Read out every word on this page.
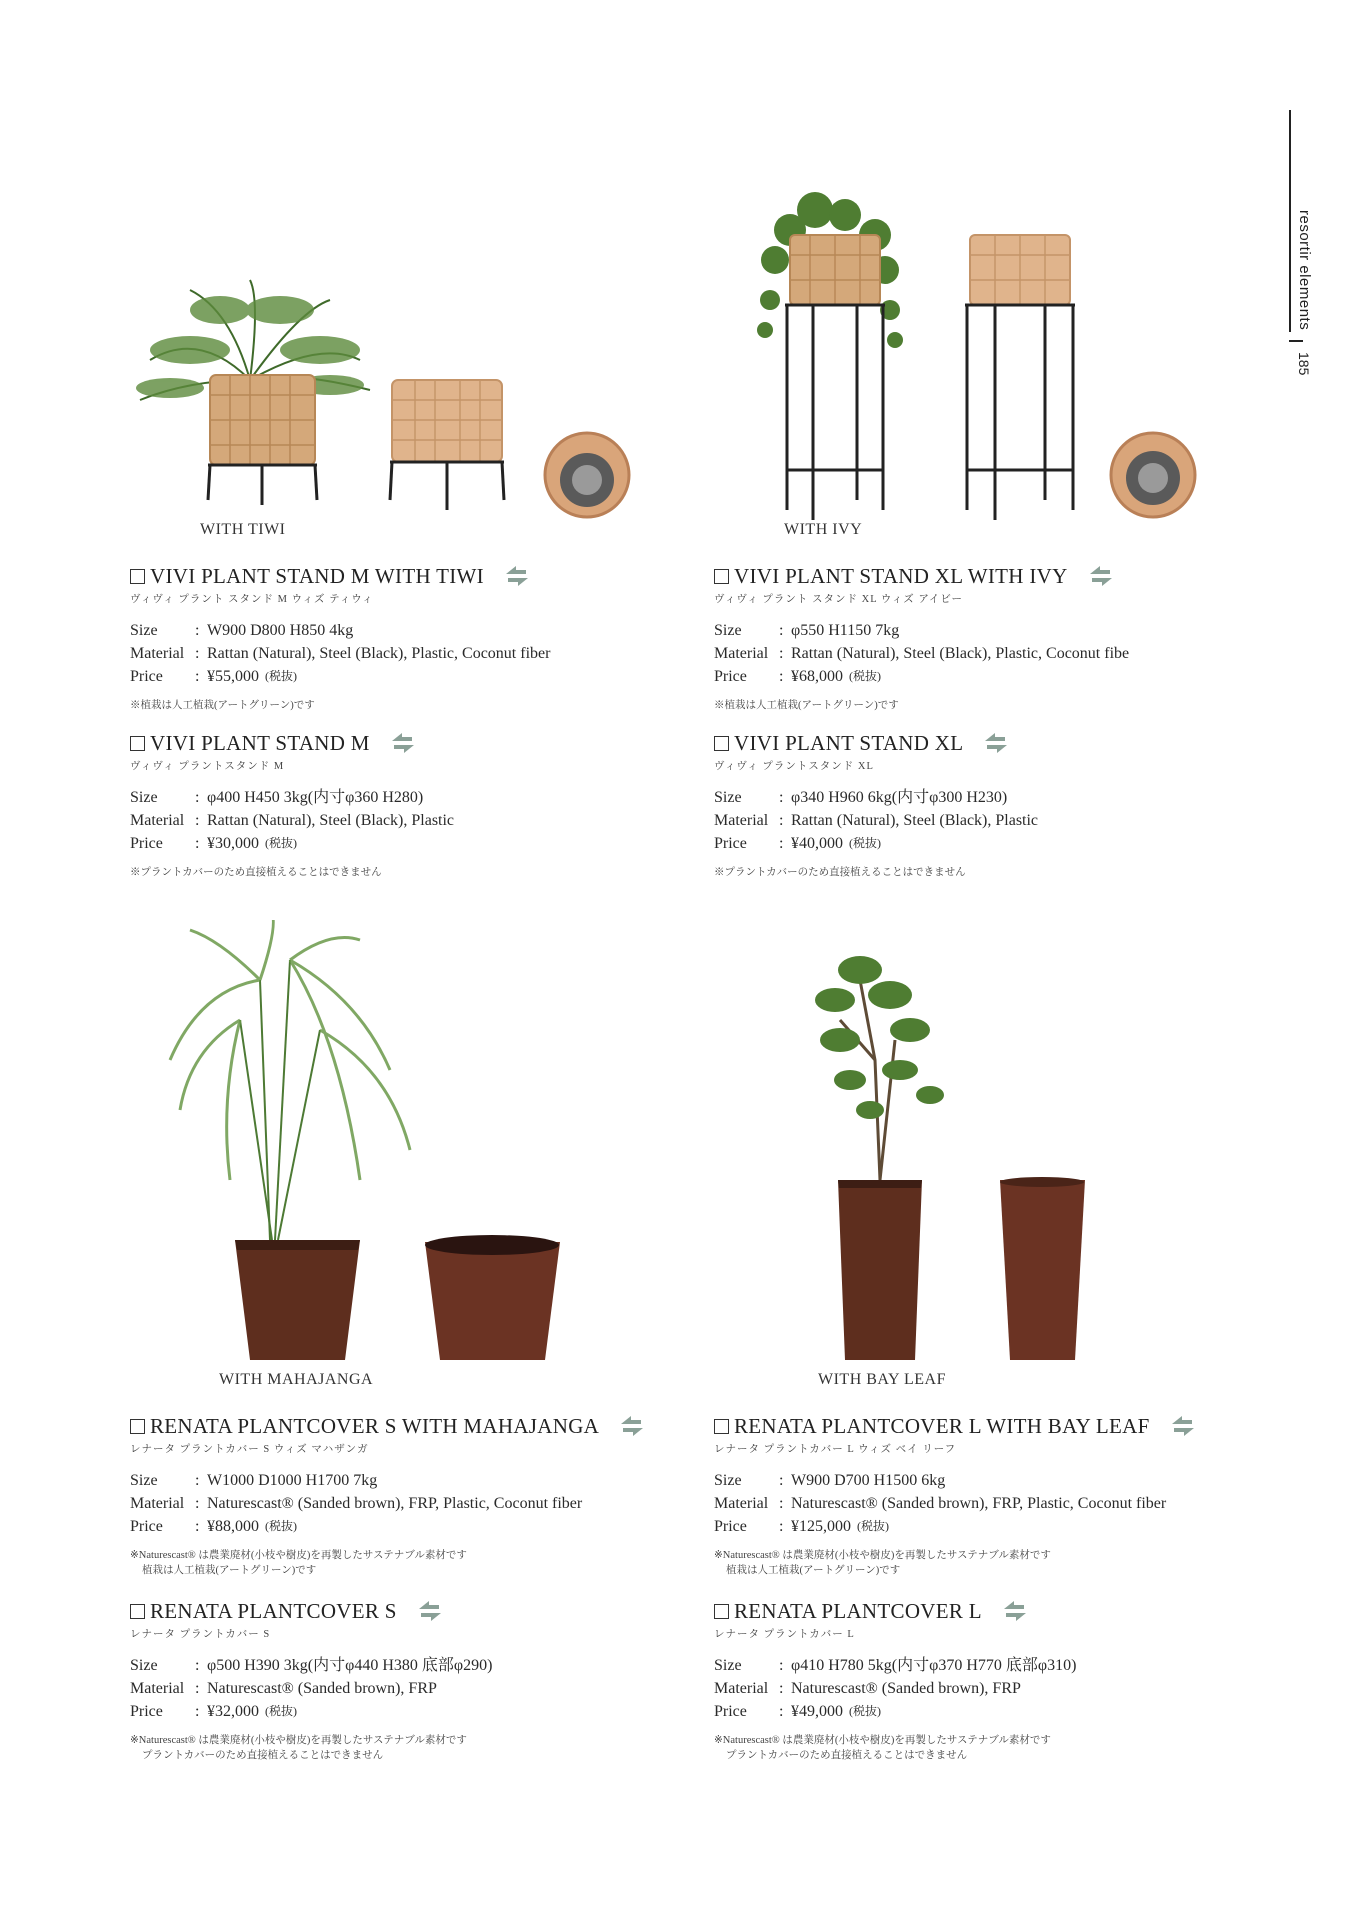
resortir elements
185
WITH TIWI	WITH IVY
WITH MAHAJANGA	WITH BAY LEAF
VIVI PLANT STAND M WITH TIWI
ヴィヴィ プラント スタンド M ウィズ ティウィ
Size	: W900 D800 H850 4kg
Material : Rattan (Natural), Steel (Black), Plastic, Coconut fiber
Price	: ¥55,000 (税抜)
※植栽は人工植栽(アートグリーン)です
VIVI PLANT STAND M
ヴィヴィ プラントスタンド M
Size	: φ400 H450 3kg(内寸φ360 H280)
Material : Rattan (Natural), Steel (Black), Plastic
Price	: ¥30,000 (税抜)
※プラントカバーのため直接植えることはできません
VIVI PLANT STAND XL WITH IVY
ヴィヴィ プラント スタンド XL ウィズ アイビー
Size	: φ550 H1150 7kg
Material : Rattan (Natural), Steel (Black), Plastic, Coconut fibe
Price	: ¥68,000 (税抜)
※植栽は人工植栽(アートグリーン)です
VIVI PLANT STAND XL
ヴィヴィ プラントスタンド XL
Size	: φ340 H960 6kg(内寸φ300 H230)
Material : Rattan (Natural), Steel (Black), Plastic
Price	: ¥40,000 (税抜)
※プラントカバーのため直接植えることはできません
RENATA PLANTCOVER S WITH MAHAJANGA
レナータ プラントカバー S ウィズ マハザンガ
Size	: W1000 D1000 H1700 7kg
Material : Naturescast® (Sanded brown), FRP, Plastic, Coconut fiber
Price	: ¥88,000 (税抜)
※Naturescast® は農業廃材(小枝や樹皮)を再製したサステナブル素材です
植栽は人工植栽(アートグリーン)です
RENATA PLANTCOVER S
レナータ プラントカバー S
Size	: φ500 H390 3kg(内寸φ440 H380 底部φ290)
Material : Naturescast® (Sanded brown), FRP
Price	: ¥32,000 (税抜)
※Naturescast® は農業廃材(小枝や樹皮)を再製したサステナブル素材です
プラントカバーのため直接植えることはできません
RENATA PLANTCOVER L WITH BAY LEAF
レナータ プラントカバー L ウィズ ベイ リーフ
Size	: W900 D700 H1500 6kg
Material : Naturescast® (Sanded brown), FRP, Plastic, Coconut fiber
Price	: ¥125,000 (税抜)
※Naturescast® は農業廃材(小枝や樹皮)を再製したサステナブル素材です
植栽は人工植栽(アートグリーン)です
RENATA PLANTCOVER L
レナータ プラントカバー L
Size	: φ410 H780 5kg(内寸φ370 H770 底部φ310)
Material : Naturescast® (Sanded brown), FRP
Price	: ¥49,000 (税抜)
※Naturescast® は農業廃材(小枝や樹皮)を再製したサステナブル素材です
プラントカバーのため直接植えることはできません
